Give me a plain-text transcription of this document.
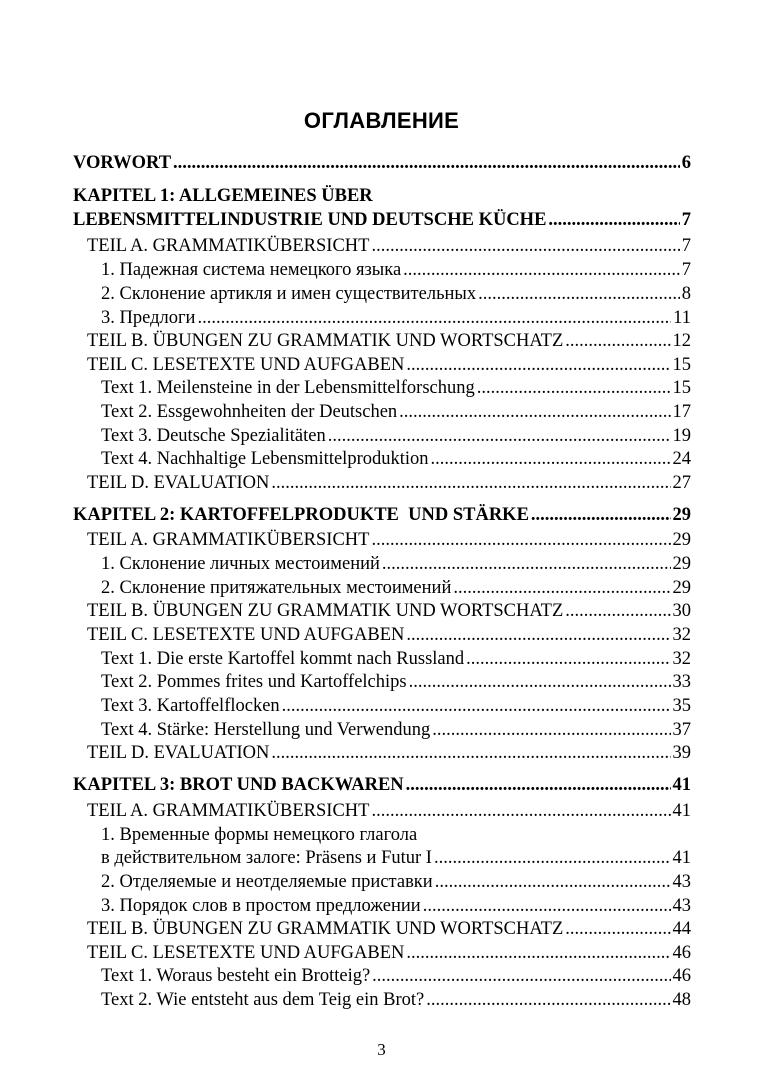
ОГЛАВЛЕНИЕ
VORWORT .....	6
KAPITEL 1: ALLGEMEINES ÜBER
LEBENSMITTELINDUSTRIE UND DEUTSCHE KÜCHE .....	7
TEIL A. GRAMMATIKÜBERSICHT .....	7
1. Падежная система немецкого языка .....	7
2. Склонение артикля и имен существительных .....	8
3. Предлоги .....	11
TEIL B. ÜBUNGEN ZU GRAMMATIK UND WORTSCHATZ .....	12
TEIL C. LESETEXTE UND AUFGABEN .....	15
Text 1. Meilensteine in der Lebensmittelforschung .....	15
Text 2. Essgewohnheiten der Deutschen .....	17
Text 3. Deutsche Spezialitäten .....	19
Text 4. Nachhaltige Lebensmittelproduktion .....	24
TEIL D. EVALUATION .....	27
KAPITEL 2: KARTOFFELPRODUKTE  UND STÄRKE .....	29
TEIL A. GRAMMATIKÜBERSICHT .....	29
1. Склонение личных местоимений .....	29
2. Склонение притяжательных местоимений .....	29
TEIL B. ÜBUNGEN ZU GRAMMATIK UND WORTSCHATZ .....	30
TEIL C. LESETEXTE UND AUFGABEN .....	32
Text 1. Die erste Kartoffel kommt nach Russland .....	32
Text 2. Pommes frites und Kartoffelchips .....	33
Text 3. Kartoffelflocken .....	35
Text 4. Stärke: Herstellung und Verwendung .....	37
TEIL D. EVALUATION .....	39
KAPITEL 3: BROT UND BACKWAREN .....	41
TEIL A. GRAMMATIKÜBERSICHT .....	41
1. Временные формы немецкого глагола
в действительном залоге: Präsens и Futur I .....	41
2. Отделяемые и неотделяемые приставки .....	43
3. Порядок слов в простом предложении .....	43
TEIL B. ÜBUNGEN ZU GRAMMATIK UND WORTSCHATZ .....	44
TEIL C. LESETEXTE UND AUFGABEN .....	46
Text 1. Woraus besteht ein Brotteig? .....	46
Text 2. Wie entsteht aus dem Teig ein Brot? .....	48
3
